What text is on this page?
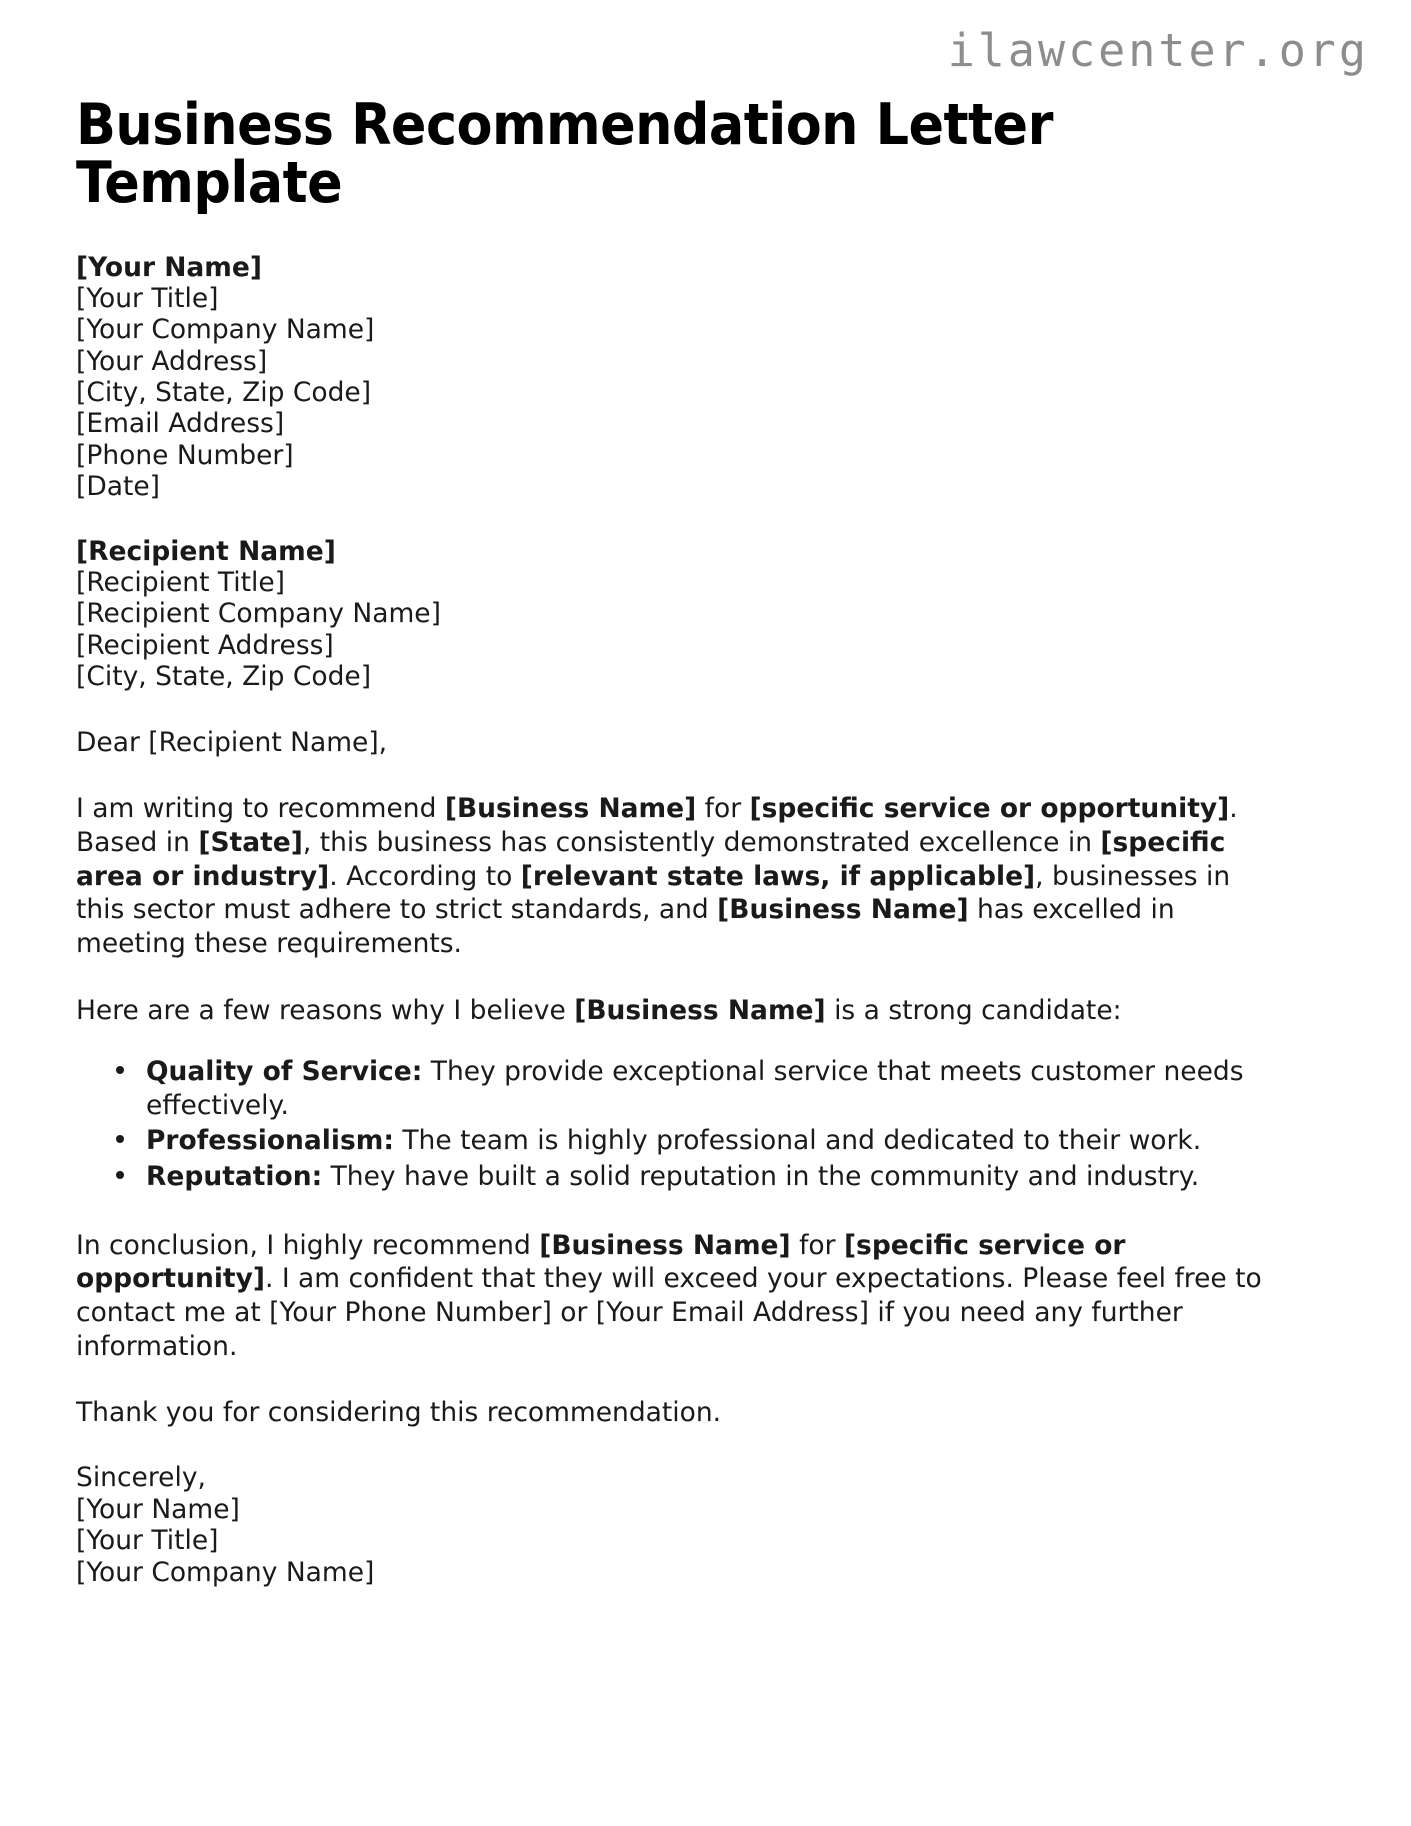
ilawcenter.org
Business Recommendation Letter Template
[Your Name]
[Your Title]
[Your Company Name]
[Your Address]
[City, State, Zip Code]
[Email Address]
[Phone Number]
[Date]
[Recipient Name]
[Recipient Title]
[Recipient Company Name]
[Recipient Address]
[City, State, Zip Code]

Dear [Recipient Name],

I am writing to recommend [Business Name] for [specific service or opportunity]. Based in [State], this business has consistently demonstrated excellence in [specific area or industry]. According to [relevant state laws, if applicable], businesses in this sector must adhere to strict standards, and [Business Name] has excelled in meeting these requirements.

Here are a few reasons why I believe [Business Name] is a strong candidate:

Quality of Service: They provide exceptional service that meets customer needs effectively.
Professionalism: The team is highly professional and dedicated to their work.
Reputation: They have built a solid reputation in the community and industry.

In conclusion, I highly recommend [Business Name] for [specific service or opportunity]. I am confident that they will exceed your expectations. Please feel free to contact me at [Your Phone Number] or [Your Email Address] if you need any further information.

Thank you for considering this recommendation.

Sincerely,
[Your Name]
[Your Title]
[Your Company Name]
